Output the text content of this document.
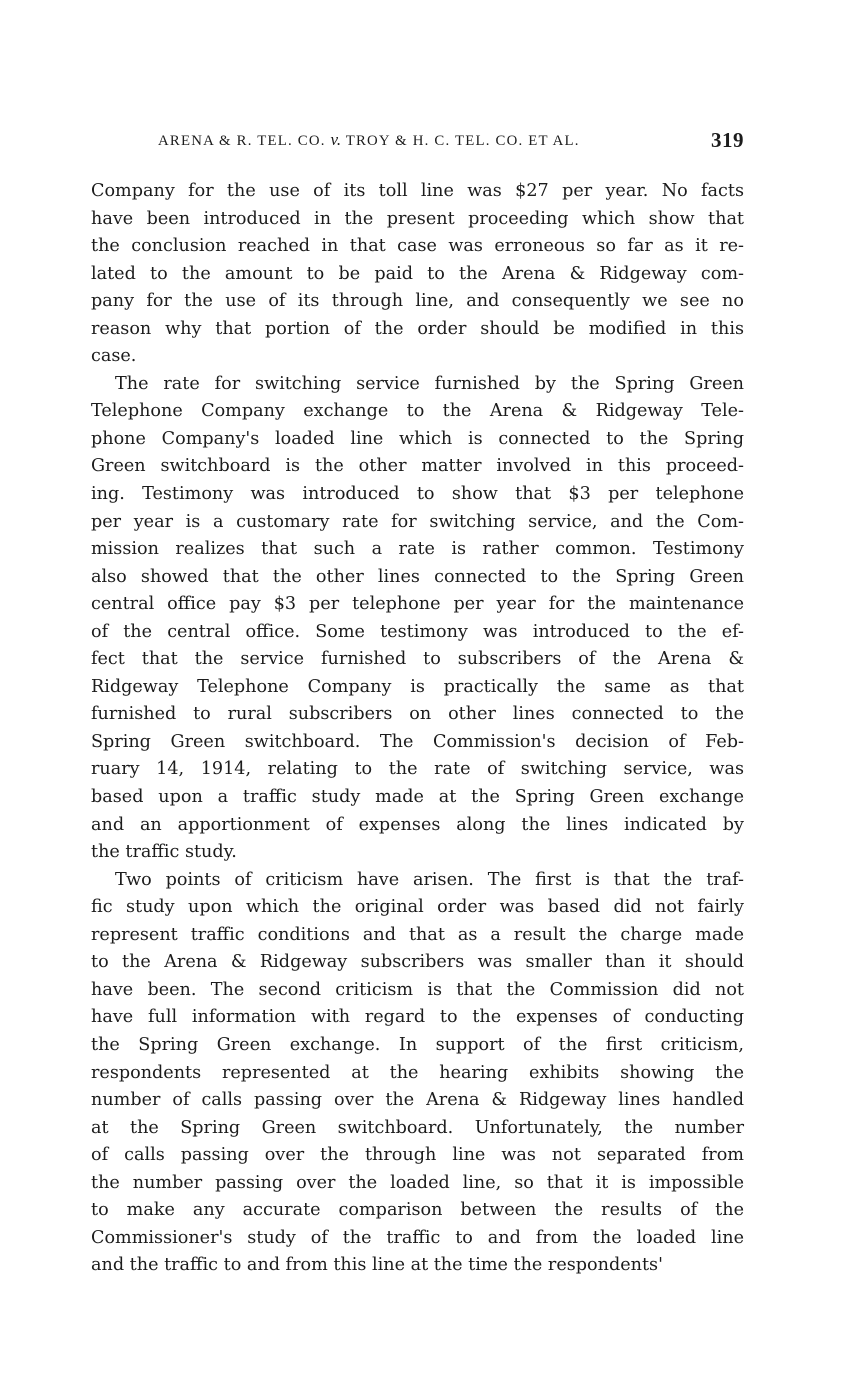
ARENA & R. TEL. CO. v. TROY & H. C. TEL. CO. ET AL.	319
Company for the use of its toll line was $27 per year. No facts
have been introduced in the present proceeding which show that
the conclusion reached in that case was erroneous so far as it re-
lated to the amount to be paid to the Arena & Ridgeway com-
pany for the use of its through line, and consequently we see no
reason why that portion of the order should be modified in this
case.
The rate for switching service furnished by the Spring Green
Telephone Company exchange to the Arena & Ridgeway Tele-
phone Company's loaded line which is connected to the Spring
Green switchboard is the other matter involved in this proceed-
ing. Testimony was introduced to show that $3 per telephone
per year is a customary rate for switching service, and the Com-
mission realizes that such a rate is rather common. Testimony
also showed that the other lines connected to the Spring Green
central office pay $3 per telephone per year for the maintenance
of the central office. Some testimony was introduced to the ef-
fect that the service furnished to subscribers of the Arena &
Ridgeway Telephone Company is practically the same as that
furnished to rural subscribers on other lines connected to the
Spring Green switchboard. The Commission's decision of Feb-
ruary 14, 1914, relating to the rate of switching service, was
based upon a traffic study made at the Spring Green exchange
and an apportionment of expenses along the lines indicated by
the traffic study.
Two points of criticism have arisen. The first is that the traf-
fic study upon which the original order was based did not fairly
represent traffic conditions and that as a result the charge made
to the Arena & Ridgeway subscribers was smaller than it should
have been. The second criticism is that the Commission did not
have full information with regard to the expenses of conducting
the Spring Green exchange. In support of the first criticism,
respondents represented at the hearing exhibits showing the
number of calls passing over the Arena & Ridgeway lines handled
at the Spring Green switchboard. Unfortunately, the number
of calls passing over the through line was not separated from
the number passing over the loaded line, so that it is impossible
to make any accurate comparison between the results of the
Commissioner's study of the traffic to and from the loaded line
and the traffic to and from this line at the time the respondents'
